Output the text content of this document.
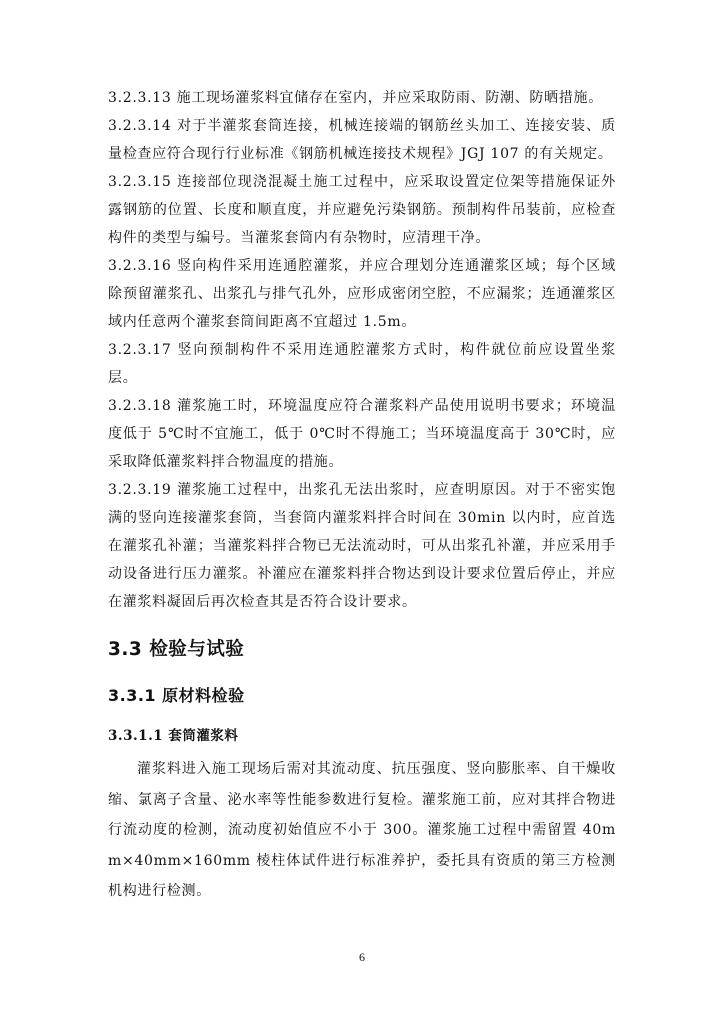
3.2.3.13 施工现场灌浆料宜储存在室内，并应采取防雨、防潮、防晒措施。

3.2.3.14 对于半灌浆套筒连接，机械连接端的钢筋丝头加工、连接安装、质量检查应符合现行行业标准《钢筋机械连接技术规程》JGJ 107 的有关规定。

3.2.3.15 连接部位现浇混凝土施工过程中，应采取设置定位架等措施保证外露钢筋的位置、长度和顺直度，并应避免污染钢筋。预制构件吊装前，应检查构件的类型与编号。当灌浆套筒内有杂物时，应清理干净。

3.2.3.16 竖向构件采用连通腔灌浆，并应合理划分连通灌浆区域；每个区域除预留灌浆孔、出浆孔与排气孔外，应形成密闭空腔，不应漏浆；连通灌浆区域内任意两个灌浆套筒间距离不宜超过 1.5m。

3.2.3.17 竖向预制构件不采用连通腔灌浆方式时，构件就位前应设置坐浆层。

3.2.3.18 灌浆施工时，环境温度应符合灌浆料产品使用说明书要求；环境温度低于 5℃时不宜施工，低于 0℃时不得施工；当环境温度高于 30℃时，应采取降低灌浆料拌合物温度的措施。

3.2.3.19 灌浆施工过程中，出浆孔无法出浆时，应查明原因。对于不密实饱满的竖向连接灌浆套筒，当套筒内灌浆料拌合时间在 30min 以内时，应首选在灌浆孔补灌；当灌浆料拌合物已无法流动时，可从出浆孔补灌，并应采用手动设备进行压力灌浆。补灌应在灌浆料拌合物达到设计要求位置后停止，并应在灌浆料凝固后再次检查其是否符合设计要求。

3.3 检验与试验
3.3.1 原材料检验
3.3.1.1 套筒灌浆料

灌浆料进入施工现场后需对其流动度、抗压强度、竖向膨胀率、自干燥收缩、氯离子含量、泌水率等性能参数进行复检。灌浆施工前，应对其拌合物进行流动度的检测，流动度初始值应不小于 300。灌浆施工过程中需留置 40mm×40mm×160mm 棱柱体试件进行标准养护，委托具有资质的第三方检测机构进行检测。

6
